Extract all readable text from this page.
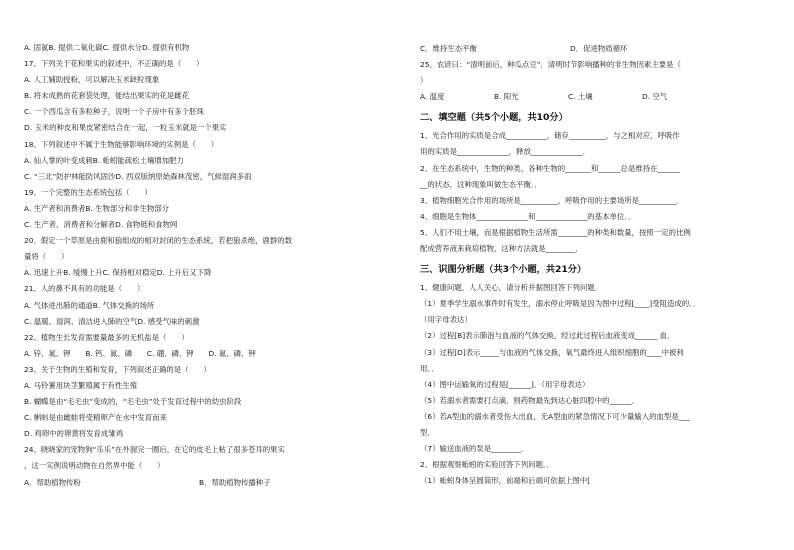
A. 固氮B. 提供二氧化碳C. 提供水分D. 提供有机物
17、下列关于花和果实的叙述中，不正确的是（　　）
A. 人工辅助授粉，可以解决玉米缺粒现象
B. 将未成熟的花套袋处理，能结出果实的花是雌花
C. 一个西瓜含有多粒种子，说明一个子房中有多个胚珠
D. 玉米的种皮和果皮紧密结合在一起，一粒玉米就是一个果实
18、下列叙述中不属于生物能够影响环境的实例是（　　）
A. 仙人掌的叶变成刺B. 蚯蚓能疏松土壤增加肥力
C. “三北”防护林能防风固沙D. 西双版纳原始森林茂密，气候湿润多雨
19、一个完整的生态系统包括（　　）
A. 生产者和消费者B. 生物部分和非生物部分
C. 生产者、消费者和分解者D. 食物链和食物网
20、假定一个草原是由鹿和狼组成的相对封闭的生态系统，若把狼杀绝，鹿群的数
量将（　　）
A. 迅速上升B. 缓慢上升C. 保持相对稳定D. 上升后又下降
21、人的鼻不具有的功能是（　　）
A. 气体进出肺的通道B. 气体交换的场所
C. 温暖、湿润、清洁进入肺的空气D. 感受气味的刺激
22、植物生长发育需要量最多的无机盐是（　　）
A. 锌、氮、钾　　B. 钙、氮、磷　　C. 硼、磷、钾　　D. 氮、磷、钾
23、关于生物的生殖和发育，下列叙述正确的是（　　）
A. 马铃薯用块茎繁殖属于有性生殖
B. 蝴蝶是由“毛毛虫”变成的，“毛毛虫”处于发育过程中的幼虫阶段
C. 蝌蚪是由雌蛙将受精卵产在水中发育而来
D. 鸡卵中的卵黄将发育成雏鸡
24、晓晓家的宠物狗“乐乐”在外溜完一圈后，在它的皮毛上粘了很多苍耳的果实
，这一实例说明动物在自然界中能（　　）
A．帮助植物传粉	B．帮助植物传播种子
C．维持生态平衡	D．促进物质循环
25、农谚曰：“清明前后，种瓜点豆”．清明时节影响播种的非生物因素主要是（
）
A. 温度	B. 阳光	C. 土壤	D. 空气
二、填空题（共5个小题，共10分）
1、光合作用的实质是合成___________，储存__________，与之相对应，呼吸作
用的实质是______________，释放______________．
2、在生态系统中，生物的种类、各种生物的_______和______总是维持在______
__的状态，这种现象叫做生态平衡．．
3、植物细胞光合作用的场所是__________，呼吸作用的主要场所是__________．
4、细胞是生物体______________和______________的基本单位．．
5、人们不用土壤，而是根据植物生活所需________的种类和数量，按照一定的比例
配成营养液来栽培植物，这种方法就是________．
三、识图分析题（共3个小题，共21分）
1、健康问题，人人关心，请分析并据图回答下列问题．
（1）夏季学生溺水事件时有发生，溺水停止呼吸是因为图中过程[____]受阻造成的．．
（用字母表达）
（2）过程[B]表示肺泡与血液的气体交换，经过此过程后血液变成______ 血．
（3）过程[D]表示_____与血液的气体交换，氧气最终进入组织细胞的____中被利
用．．
（4）图中运输氧的过程是[______]．（用字母表达）
（5）若溺水者需要打点滴，则药物最先到达心脏四腔中的______．
（6）若A型血的溺水者受伤大出血，无A型血的紧急情况下可少量输入的血型是___
型．
（7）输送血液的泵是________．
2、根据观察蚯蚓的实验回答下列问题．．
（1）蚯蚓身体呈圆筒形，前端和后端可依据上图中[
